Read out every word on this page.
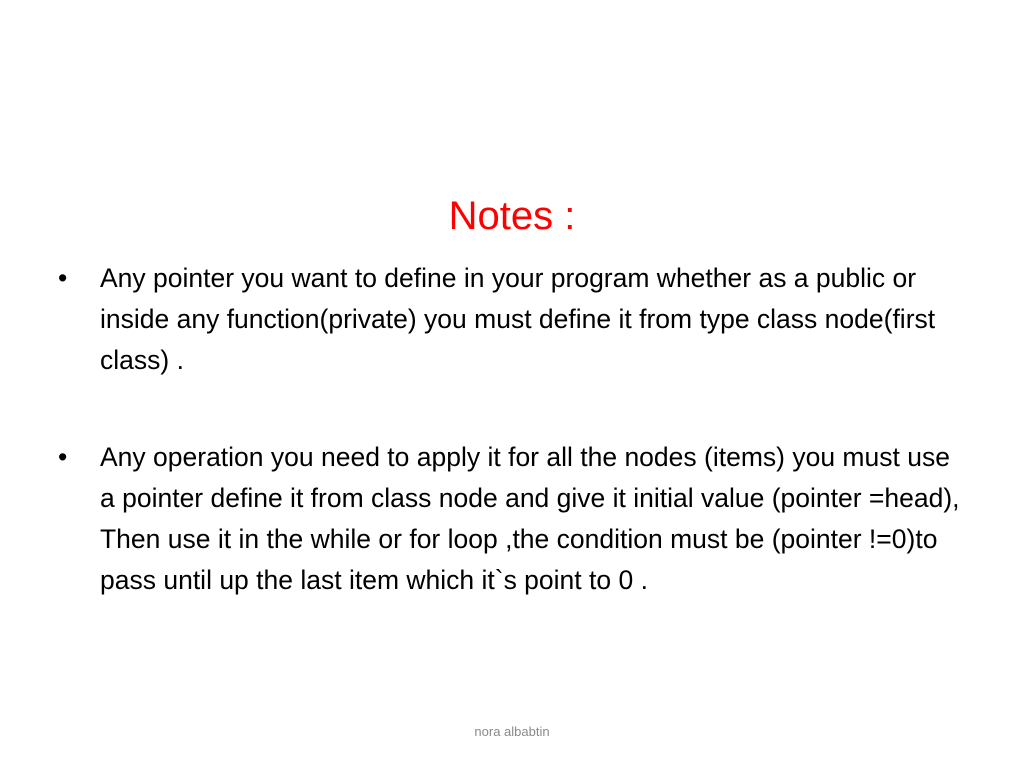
Notes :
•	Any pointer you want to define in your program whether as a public or inside any function(private) you must define it from type class node(first class) .
•	Any operation you need to apply it for all the nodes (items) you must use a pointer define it from class node and give it initial value (pointer =head), Then use it in the while or for loop ,the condition must be (pointer !=0)to pass until up the last item which it`s point to 0 .
nora albabtin
